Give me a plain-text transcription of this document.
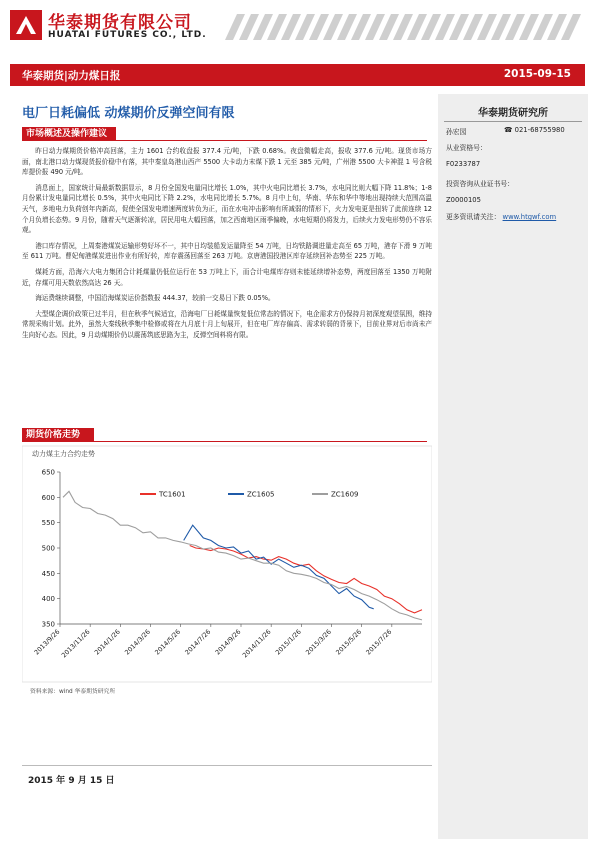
华泰期货有限公司
HUATAI FUTURES CO., LTD.
华泰期货|动力煤日报	2015-09-15
电厂日耗偏低 动煤期价反弹空间有限
市场概述及操作建议

昨日动力煤期货价格冲高回落，主力 1601 合约收盘报 377.4 元/吨，下跌 0.68%。夜盘微幅走高，报收 377.6 元/吨。现货市场方面，南北港口动力煤现货报价稳中有落，其中秦皇岛港山西产 5500 大卡动力末煤下跌 1 元至 385 元/吨，广州港 5500 大卡神混 1 号含税库提价报 490 元/吨。

消息面上，国家统计局最新数据显示，8 月份全国发电量同比增长 1.0%，其中火电同比增长 3.7%，水电同比则大幅下降 11.8%；1-8 月份累计发电量同比增长 0.5%，其中火电同比下降 2.2%，水电同比增长 5.7%。8 月中上旬，华南、华东和华中等地出现持续大范围高温天气，多地电力负荷创年内新高，促使全国发电增速两度转负为正，而在水电冲击影响有所减弱的情形下，火力发电更是扭转了此前连续 12 个月负增长态势。9 月份，随着天气逐渐转凉，居民用电大幅回落，加之西南地区雨季偏晚，水电短期仍将发力，后续火力发电形势仍不容乐观。

港口库存情况，上周秦港煤炭运输形势好坏不一，其中日均装船发运量降至 54 万吨，日均铁路调进量走高至 65 万吨，港存下滑 9 万吨至 611 万吨。曹妃甸港煤炭进出作业有所好转，库存震荡回落至 263 万吨。京唐港国投港区库存延续回补态势至 225 万吨。

煤耗方面，沿海六大电力集团合计耗煤量仍低位运行在 53 万吨上下，而合计电煤库存则未能延续增补态势，两度回落至 1350 万吨附近，存煤可用天数依然高达 26 天。

海运费继续调整，中国沿海煤炭运价指数报 444.37，较前一交易日下跌 0.05%。

大型煤企调价政策已过半月，但在秋季气候适宜，沿海电厂日耗煤量恢复低位常态的情况下，电企需求方仍保持月初深度观望氛围，维持常规采购计划。此外，虽然大秦线秋季集中检修或将在九月底十月上旬展开，但在电厂库存偏高、需求转弱的背景下，目前业界对后市尚未产生向好心态。因此，9 月动煤期价仍以震荡筑底思路为主，反弹空间料将有限。

期货价格走势
动力煤主力合约走势
350
400
450
500
550
600
650
2013/9/26
2013/11/26 2014/1/26 2014/3/26 2014/5/26 2014/7/26 2014/9/26
2014/11/26 2015/1/26 2015/3/26 2015/5/26 2015/7/26
TC1601	ZC1605	ZC1609
资料来源：wind 华泰期货研究所
2015 年 9 月 15 日
华泰期货研究所
孙宏园	☎ 021-68755980
从业资格号：
F0233787
投资咨询从业证书号：
Z0000105
更多资讯请关注： www.htgwf.com
